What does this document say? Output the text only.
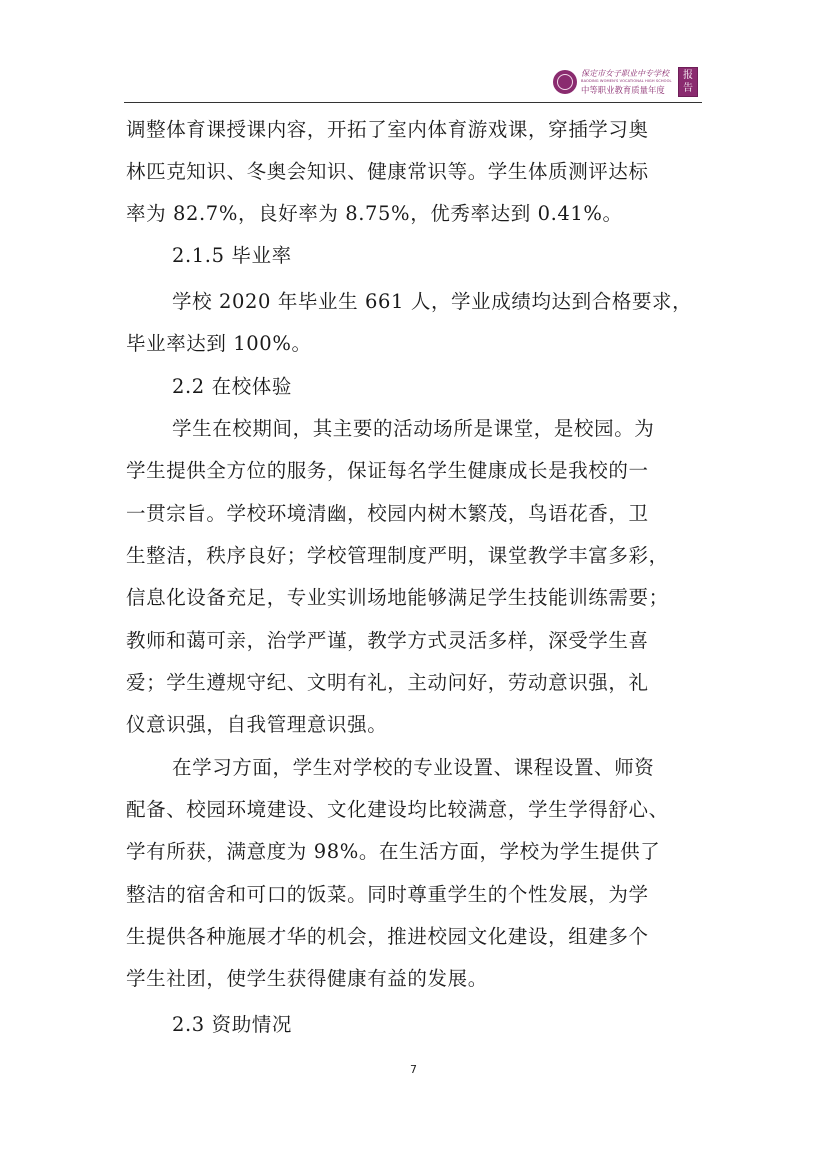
保定市女子职业中专学校
BAODING WOMEN'S VOCATIONAL HIGH SCHOOL
中等职业教育质量年度
报告
调整体育课授课内容，开拓了室内体育游戏课，穿插学习奥
林匹克知识、冬奥会知识、健康常识等。学生体质测评达标
率为 82.7%，良好率为 8.75%，优秀率达到 0.41%。
2.1.5 毕业率
学校 2020 年毕业生 661 人，学业成绩均达到合格要求，
毕业率达到 100%。
2.2 在校体验
学生在校期间，其主要的活动场所是课堂，是校园。为
学生提供全方位的服务，保证每名学生健康成长是我校的一
一贯宗旨。学校环境清幽，校园内树木繁茂，鸟语花香，卫
生整洁，秩序良好；学校管理制度严明，课堂教学丰富多彩，
信息化设备充足，专业实训场地能够满足学生技能训练需要；
教师和蔼可亲，治学严谨，教学方式灵活多样，深受学生喜
爱；学生遵规守纪、文明有礼，主动问好，劳动意识强，礼
仪意识强，自我管理意识强。
在学习方面，学生对学校的专业设置、课程设置、师资
配备、校园环境建设、文化建设均比较满意，学生学得舒心、
学有所获，满意度为 98%。在生活方面，学校为学生提供了
整洁的宿舍和可口的饭菜。同时尊重学生的个性发展，为学
生提供各种施展才华的机会，推进校园文化建设，组建多个
学生社团，使学生获得健康有益的发展。
2.3 资助情况
7
